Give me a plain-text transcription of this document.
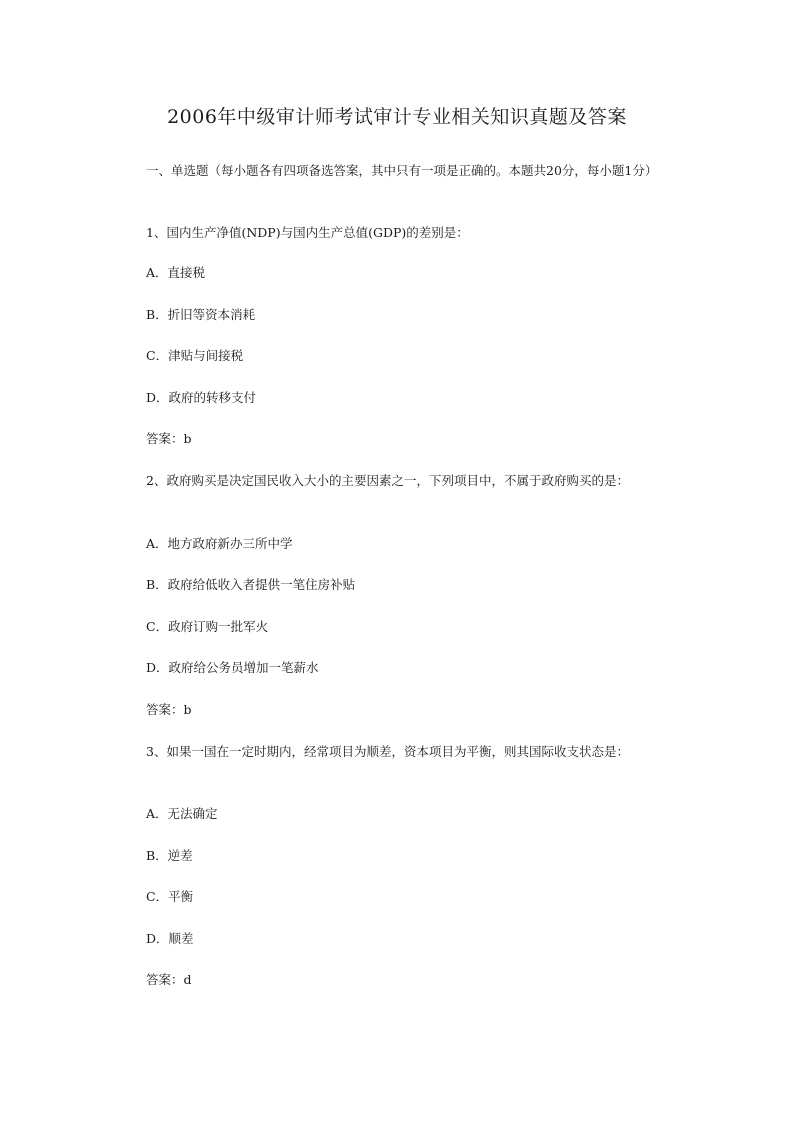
2006年中级审计师考试审计专业相关知识真题及答案
一、单选题（每小题各有四项备选答案，其中只有一项是正确的。本题共20分，每小题1分）
1、国内生产净值(NDP)与国内生产总值(GDP)的差别是：
A．直接税
B．折旧等资本消耗
C．津贴与间接税
D．政府的转移支付
答案：b
2、政府购买是决定国民收入大小的主要因素之一，下列项目中，不属于政府购买的是：
A．地方政府新办三所中学
B．政府给低收入者提供一笔住房补贴
C．政府订购一批军火
D．政府给公务员增加一笔薪水
答案：b
3、如果一国在一定时期内，经常项目为顺差，资本项目为平衡，则其国际收支状态是：
A．无法确定
B．逆差
C．平衡
D．顺差
答案：d
